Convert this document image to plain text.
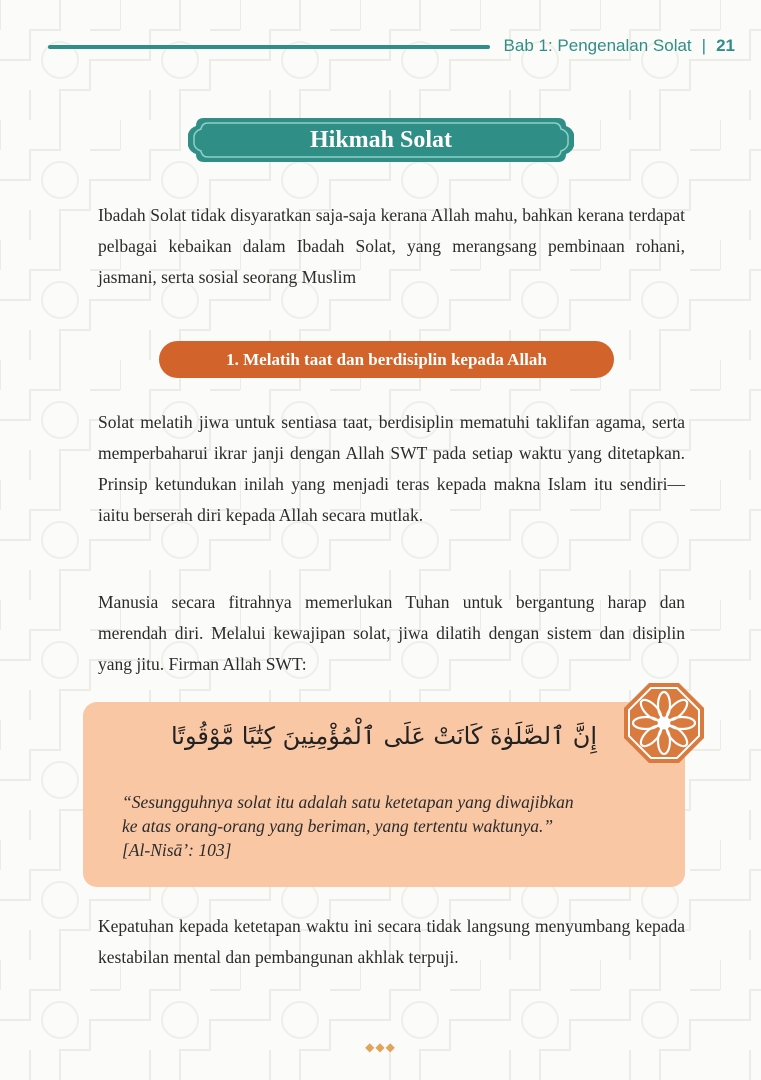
Bab 1: Pengenalan Solat | 21
Hikmah Solat

Ibadah Solat tidak disyaratkan saja-saja kerana Allah mahu, bahkan kerana terdapat pelbagai kebaikan dalam Ibadah Solat, yang merangsang pembinaan rohani, jasmani, serta sosial seorang Muslim

1. Melatih taat dan berdisiplin kepada Allah

Solat melatih jiwa untuk sentiasa taat, berdisiplin mematuhi taklifan agama, serta memperbaharui ikrar janji dengan Allah SWT pada setiap waktu yang ditetapkan. Prinsip ketundukan inilah yang menjadi teras kepada makna Islam itu sendiri—iaitu berserah diri kepada Allah secara mutlak.

Manusia secara fitrahnya memerlukan Tuhan untuk bergantung harap dan merendah diri. Melalui kewajipan solat, jiwa dilatih dengan sistem dan disiplin yang jitu. Firman Allah SWT:

إِنَّ ٱلصَّلَوٰةَ كَانَتْ عَلَى ٱلْمُؤْمِنِينَ كِتَٰبًا مَّوْقُوتًا
“Sesungguhnya solat itu adalah satu ketetapan yang diwajibkan
ke atas orang-orang yang beriman, yang tertentu waktunya.”
[Al-Nisā’: 103]

Kepatuhan kepada ketetapan waktu ini secara tidak langsung menyumbang kepada kestabilan mental dan pembangunan akhlak terpuji.

◆◆◆
